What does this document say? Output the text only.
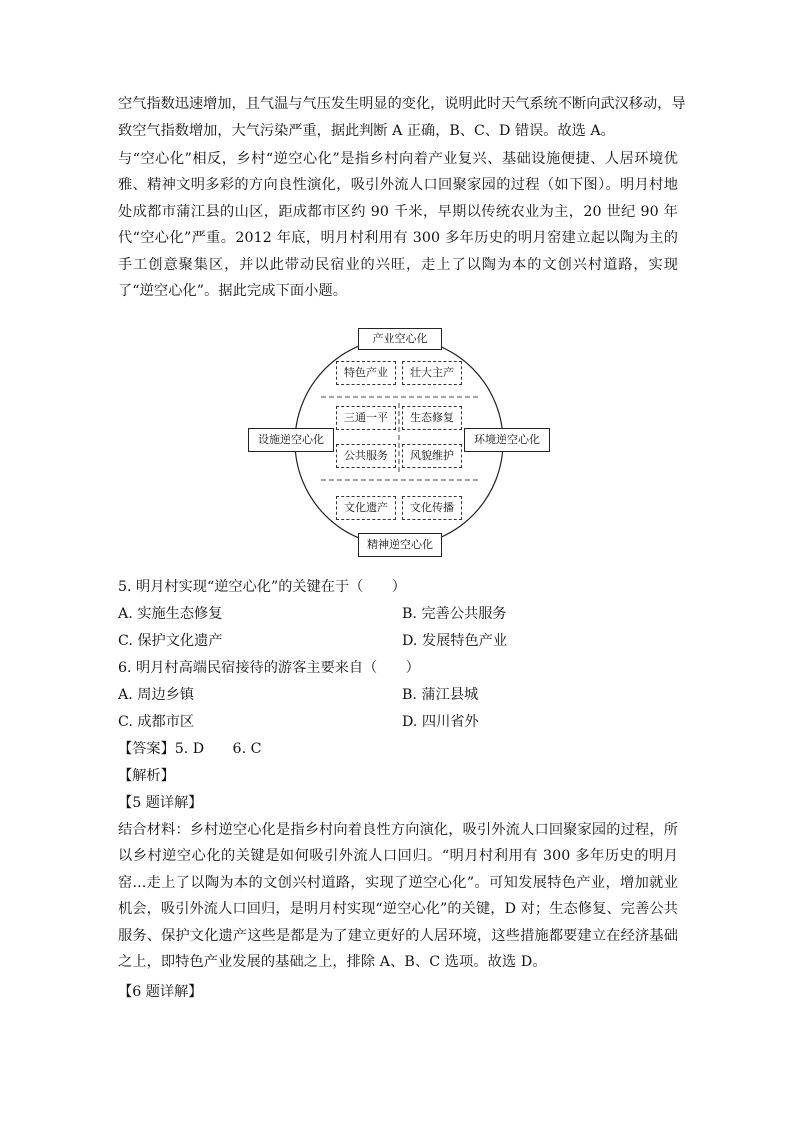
空气指数迅速增加，且气温与气压发生明显的变化，说明此时天气系统不断向武汉移动，导
致空气指数增加，大气污染严重，据此判断 A 正确，B、C、D 错误。故选 A。
与“空心化”相反，乡村“逆空心化”是指乡村向着产业复兴、基础设施便捷、人居环境优雅、精神文明多彩的方向良性演化，吸引外流人口回聚家园的过程（如下图）。明月村地处成都市蒲江县的山区，距成都市区约 90 千米，早期以传统农业为主，20 世纪 90 年代“空心化”严重。2012 年底，明月村利用有 300 多年历史的明月窑建立起以陶为主的手工创意聚集区，并以此带动民宿业的兴旺，走上了以陶为本的文创兴村道路，实现了“逆空心化”。据此完成下面小题。
产业空心化
设施逆空心化	环境逆空心化
精神逆空心化
特色产业	壮大主产
三通一平	生态修复
公共服务	风貌维护
文化遗产	文化传播
5. 明月村实现“逆空心化”的关键在于（　　）
A. 实施生态修复	B. 完善公共服务
C. 保护文化遗产	D. 发展特色产业
6. 明月村高端民宿接待的游客主要来自（　　）
A. 周边乡镇	B. 蒲江县城
C. 成都市区	D. 四川省外
【答案】5. D　　6. C
【解析】
【5 题详解】
结合材料：乡村逆空心化是指乡村向着良性方向演化，吸引外流人口回聚家园的过程，所以乡村逆空心化的关键是如何吸引外流人口回归。“明月村利用有 300 多年历史的明月窑...走上了以陶为本的文创兴村道路，实现了逆空心化”。可知发展特色产业，增加就业机会，吸引外流人口回归，是明月村实现“逆空心化”的关键，D 对；生态修复、完善公共服务、保护文化遗产这些是都是为了建立更好的人居环境，这些措施都要建立在经济基础之上，即特色产业发展的基础之上，排除 A、B、C 选项。故选 D。
【6 题详解】
